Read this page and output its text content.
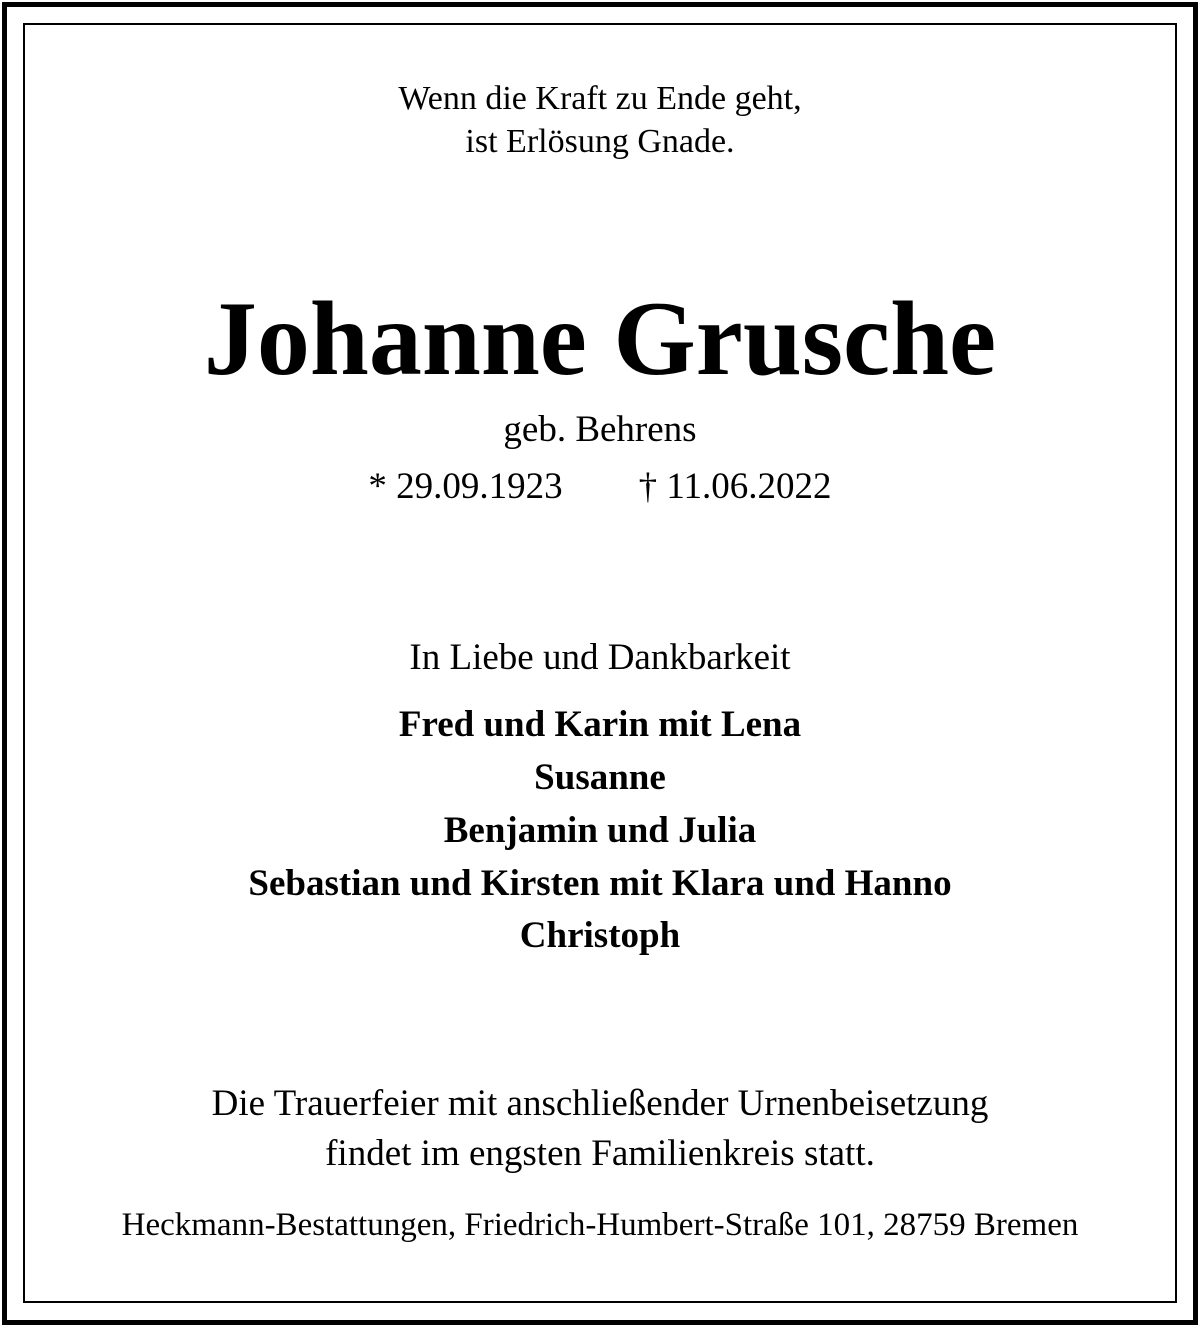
Wenn die Kraft zu Ende geht,
ist Erlösung Gnade.
Johanne Grusche
geb. Behrens
* 29.09.1923 † 11.06.2022
In Liebe und Dankbarkeit
Fred und Karin mit Lena
Susanne
Benjamin und Julia
Sebastian und Kirsten mit Klara und Hanno
Christoph
Die Trauerfeier mit anschließender Urnenbeisetzung
findet im engsten Familienkreis statt.
Heckmann-Bestattungen, Friedrich-Humbert-Straße 101, 28759 Bremen
